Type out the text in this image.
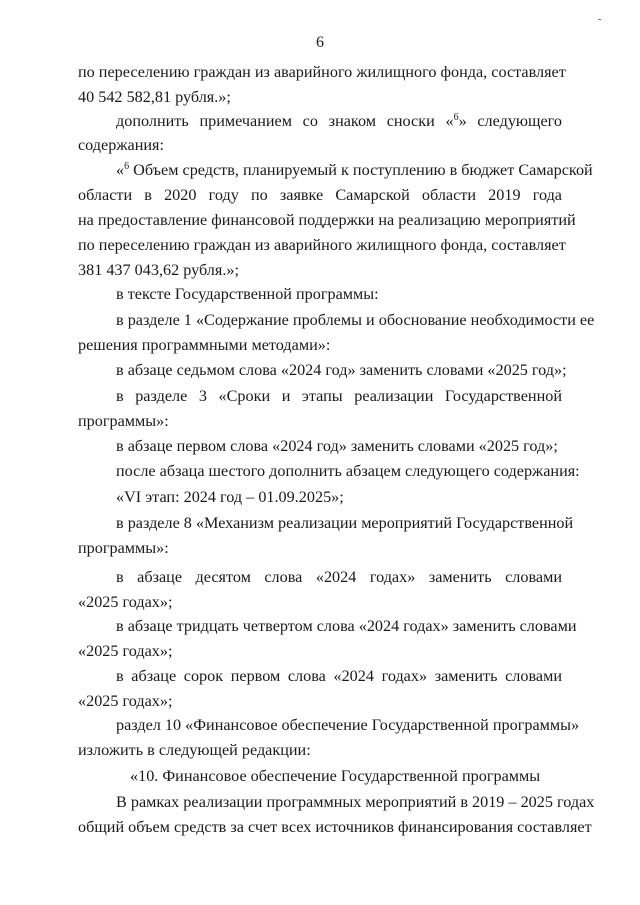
-
6
по переселению граждан из аварийного жилищного фонда, составляет
40 542 582,81 рубля.»;
дополнить примечанием со знаком сноски «$^6$» следующего
содержания:
«$^6$ Объем средств, планируемый к поступлению в бюджет Самарской
области в 2020 году по заявке Самарской области 2019 года
на предоставление финансовой поддержки на реализацию мероприятий
по переселению граждан из аварийного жилищного фонда, составляет
381 437 043,62 рубля.»;
в тексте Государственной программы:
в разделе 1 «Содержание проблемы и обоснование необходимости ее
решения программными методами»:
в абзаце седьмом слова «2024 год» заменить словами «2025 год»;
в разделе 3 «Сроки и этапы реализации Государственной
программы»:
в абзаце первом слова «2024 год» заменить словами «2025 год»;
после абзаца шестого дополнить абзацем следующего содержания:
«VI этап: 2024 год – 01.09.2025»;
в разделе 8 «Механизм реализации мероприятий Государственной
программы»:
в абзаце десятом слова «2024 годах» заменить словами
«2025 годах»;
в абзаце тридцать четвертом слова «2024 годах» заменить словами
«2025 годах»;
в абзаце сорок первом слова «2024 годах» заменить словами
«2025 годах»;
раздел 10 «Финансовое обеспечение Государственной программы»
изложить в следующей редакции:
«10. Финансовое обеспечение Государственной программы
В рамках реализации программных мероприятий в 2019 – 2025 годах
общий объем средств за счет всех источников финансирования составляет
